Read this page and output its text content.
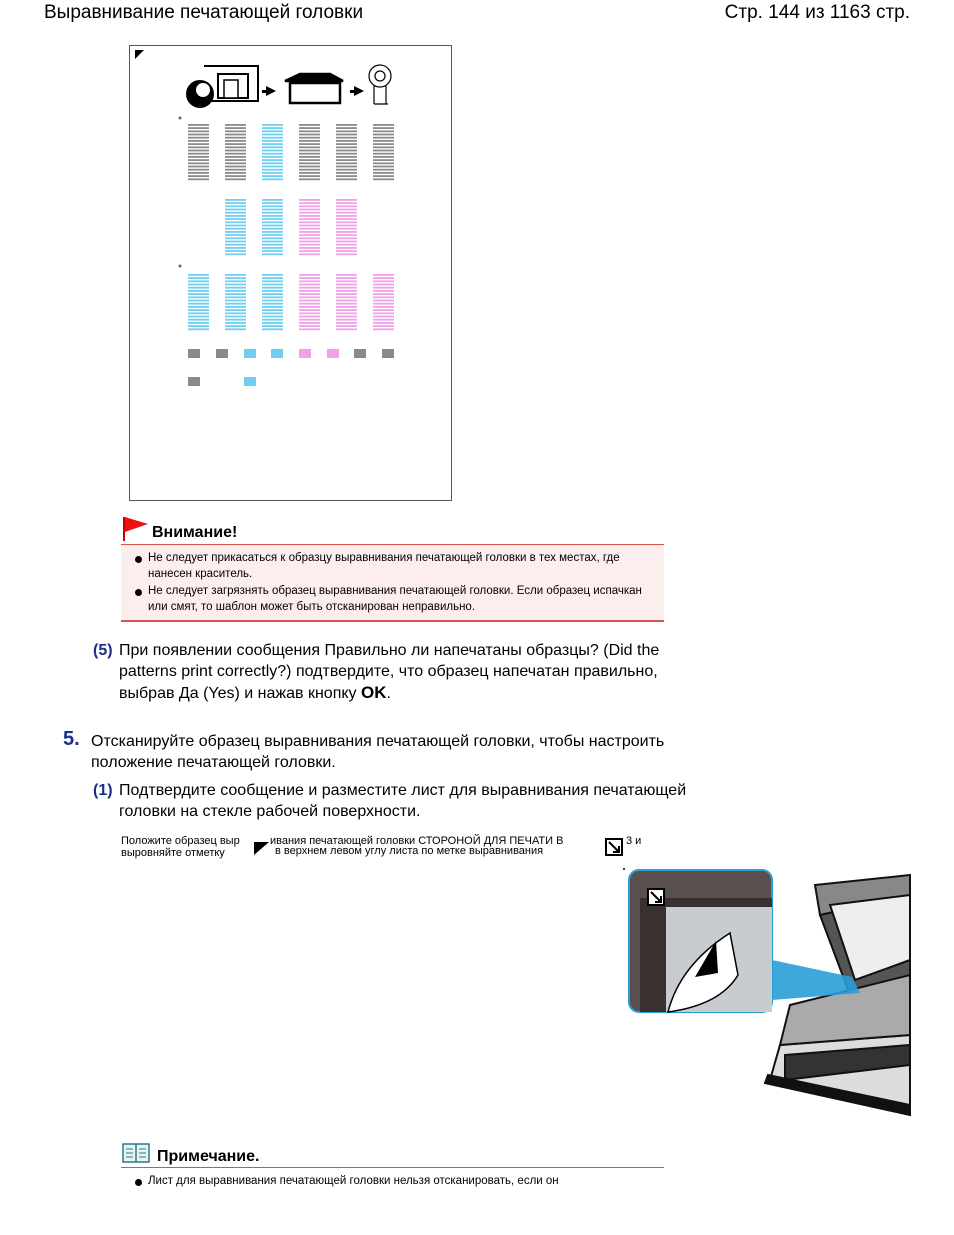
Выравнивание печатающей головки	Стр. 144 из 1163 стр.
Внимание!
Не следует прикасаться к образцу выравнивания печатающей головки в тех местах, где нанесен краситель.
Не следует загрязнять образец выравнивания печатающей головки. Если образец испачкан или смят, то шаблон может быть отсканирован неправильно.
(5) При появлении сообщения Правильно ли напечатаны образцы? (Did the patterns print correctly?) подтвердите, что образец напечатан правильно, выбрав Да (Yes) и нажав кнопку OK.
5. Отсканируйте образец выравнивания печатающей головки, чтобы настроить положение печатающей головки.
(1) Подтвердите сообщение и разместите лист для выравнивания печатающей головки на стекле рабочей поверхности.
Положите образец выр	ивания печатающей головки СТОРОНОЙ ДЛЯ ПЕЧАТИ В	3 и
выровняйте отметку	в верхнем левом углу листа по метке выравнивания
Примечание.
Лист для выравнивания печатающей головки нельзя отсканировать, если он
